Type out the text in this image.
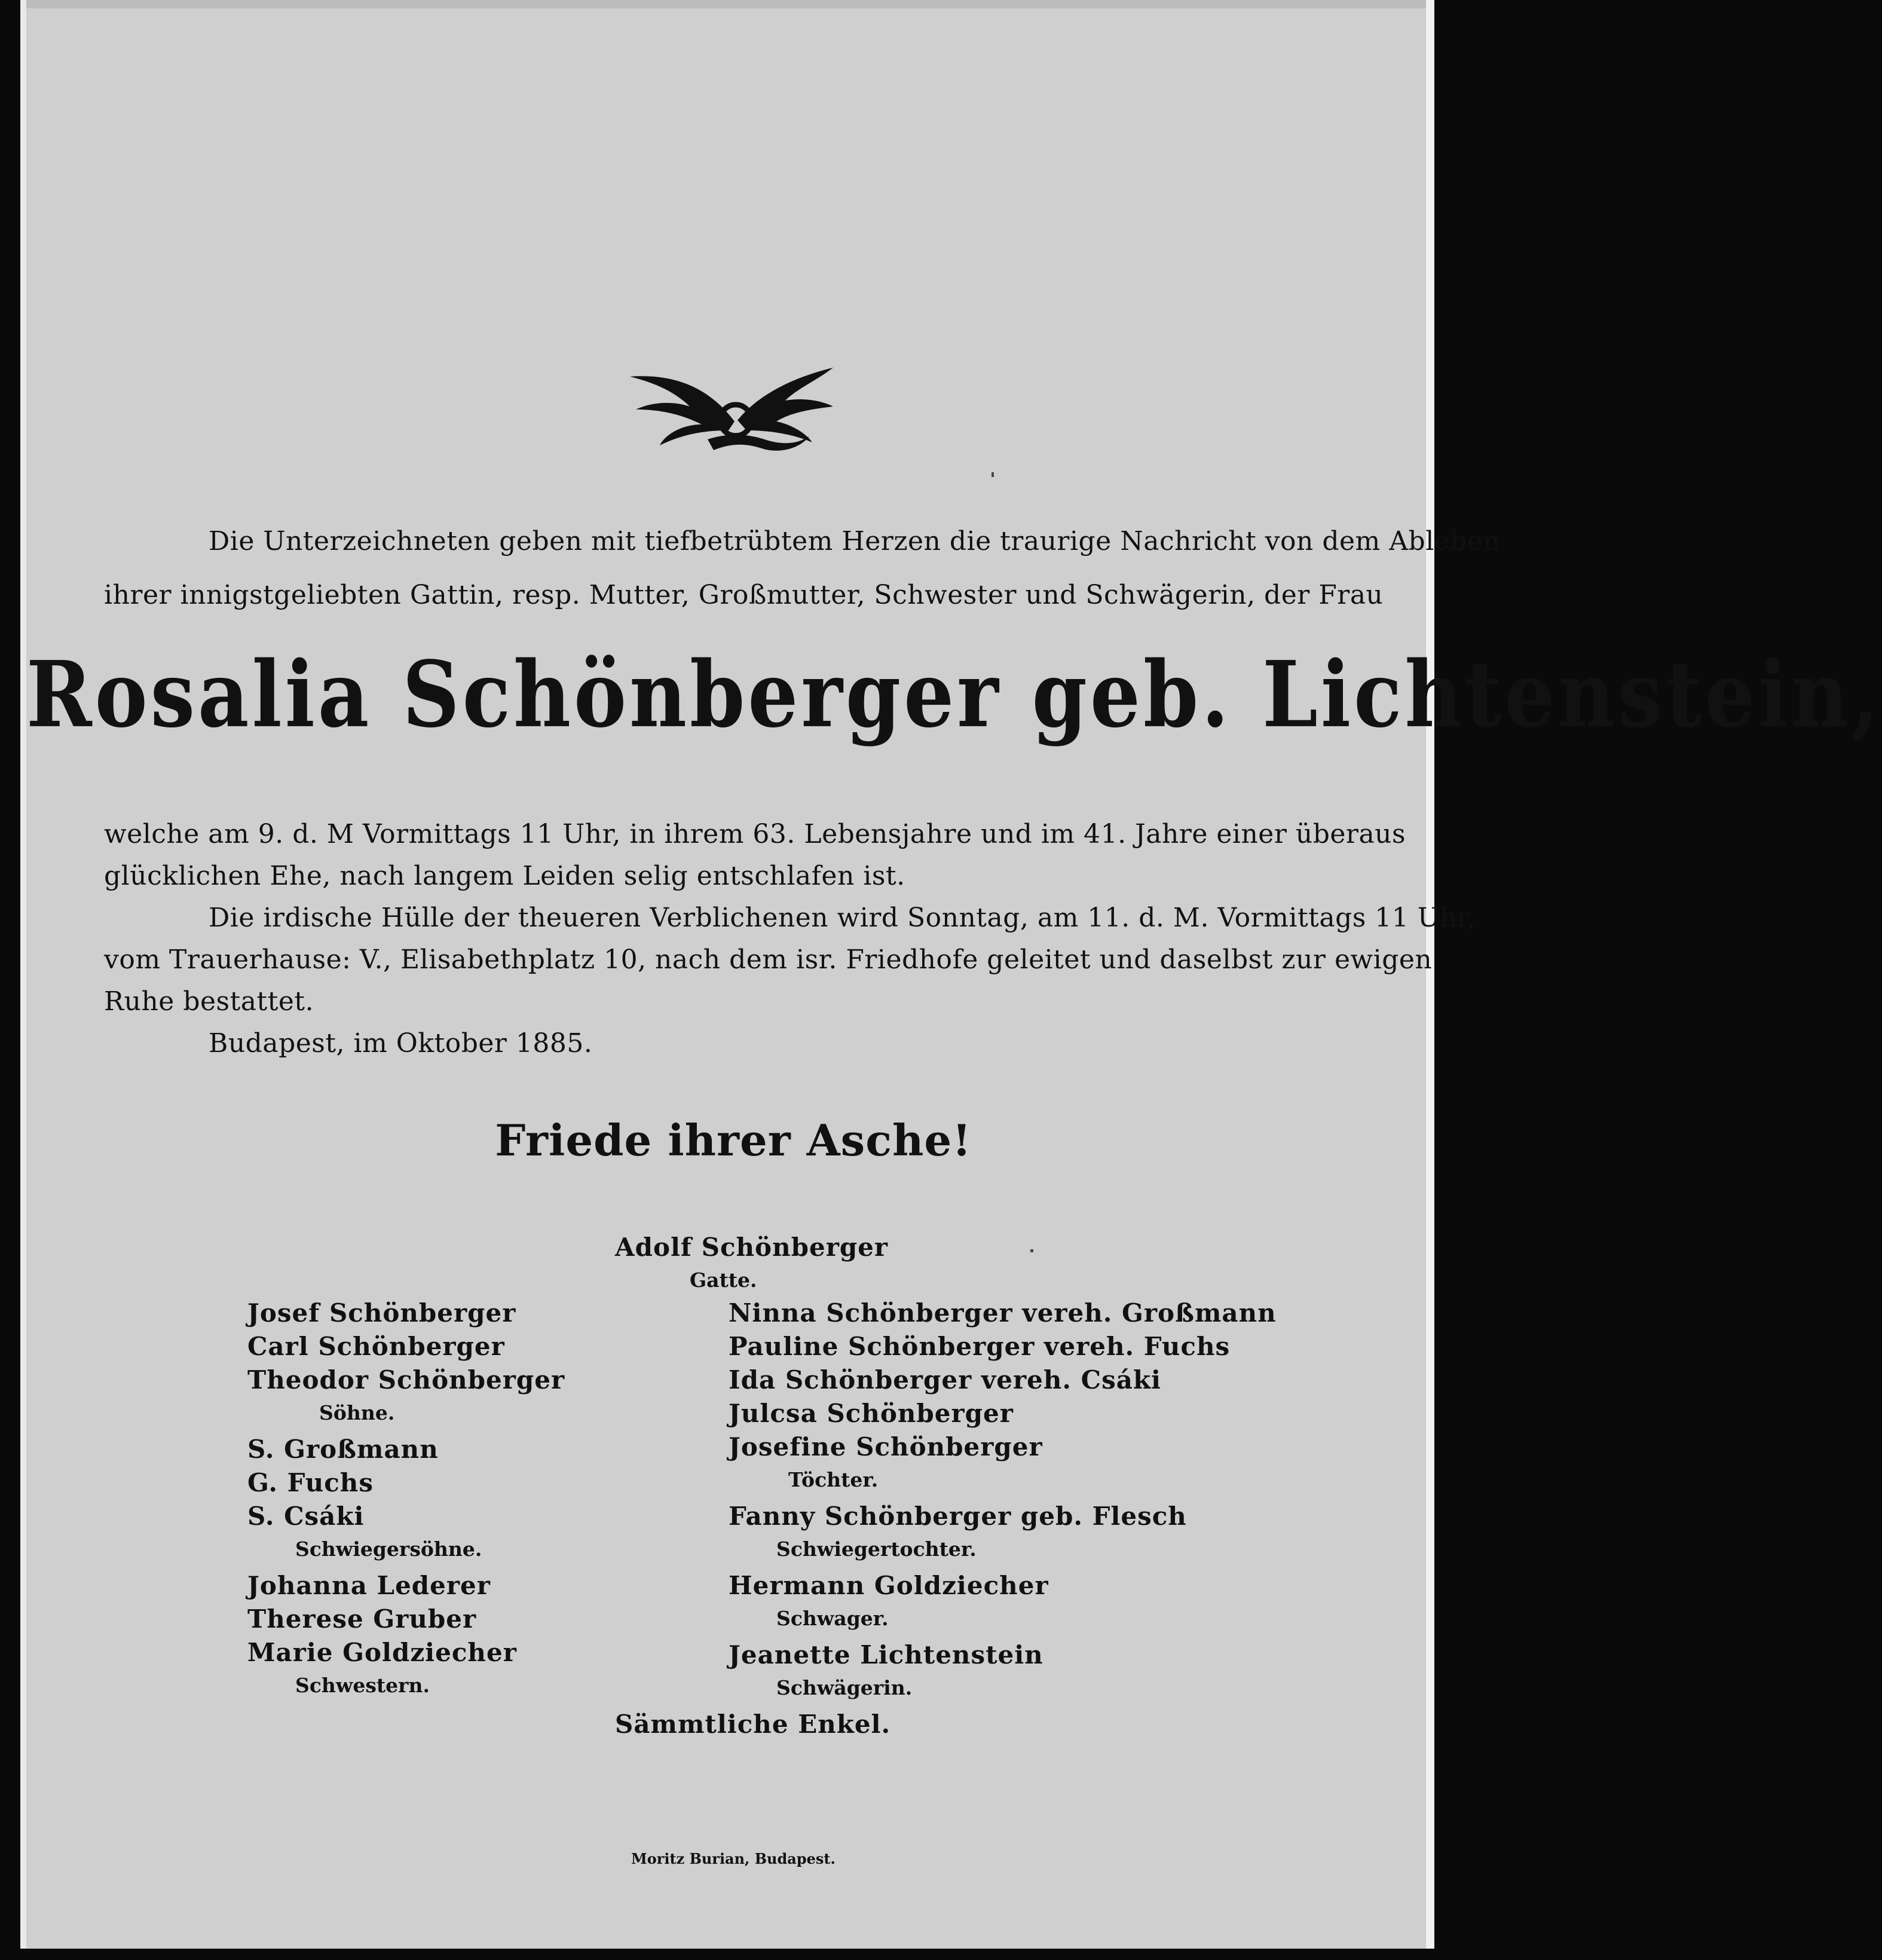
Die Unterzeichneten geben mit tiefbetrübtem Herzen die traurige Nachricht von dem Ableben
ihrer innigstgeliebten Gattin, resp. Mutter, Großmutter, Schwester und Schwägerin, der Frau
Rosalia Schönberger geb. Lichtenstein,
welche am 9. d. M Vormittags 11 Uhr, in ihrem 63. Lebensjahre und im 41. Jahre einer überaus
glücklichen Ehe, nach langem Leiden selig entschlafen ist.
Die irdische Hülle der theueren Verblichenen wird Sonntag, am 11. d. M. Vormittags 11 Uhr,
vom Trauerhause: V., Elisabethplatz 10, nach dem isr. Friedhofe geleitet und daselbst zur ewigen
Ruhe bestattet.
Budapest, im Oktober 1885.
Friede ihrer Asche!
Adolf Schönberger
Gatte.
Josef Schönberger
Carl Schönberger
Theodor Schönberger
Söhne.
S. Großmann
G. Fuchs
S. Csáki
Schwiegersöhne.
Johanna Lederer
Therese Gruber
Marie Goldziecher
Schwestern.
Ninna Schönberger vereh. Großmann
Pauline Schönberger vereh. Fuchs
Ida Schönberger vereh. Csáki
Julcsa Schönberger
Josefine Schönberger
Töchter.
Fanny Schönberger geb. Flesch
Schwiegertochter.
Hermann Goldziecher
Schwager.
Jeanette Lichtenstein
Schwägerin.
Sämmtliche Enkel.
Moritz Burian, Budapest.
